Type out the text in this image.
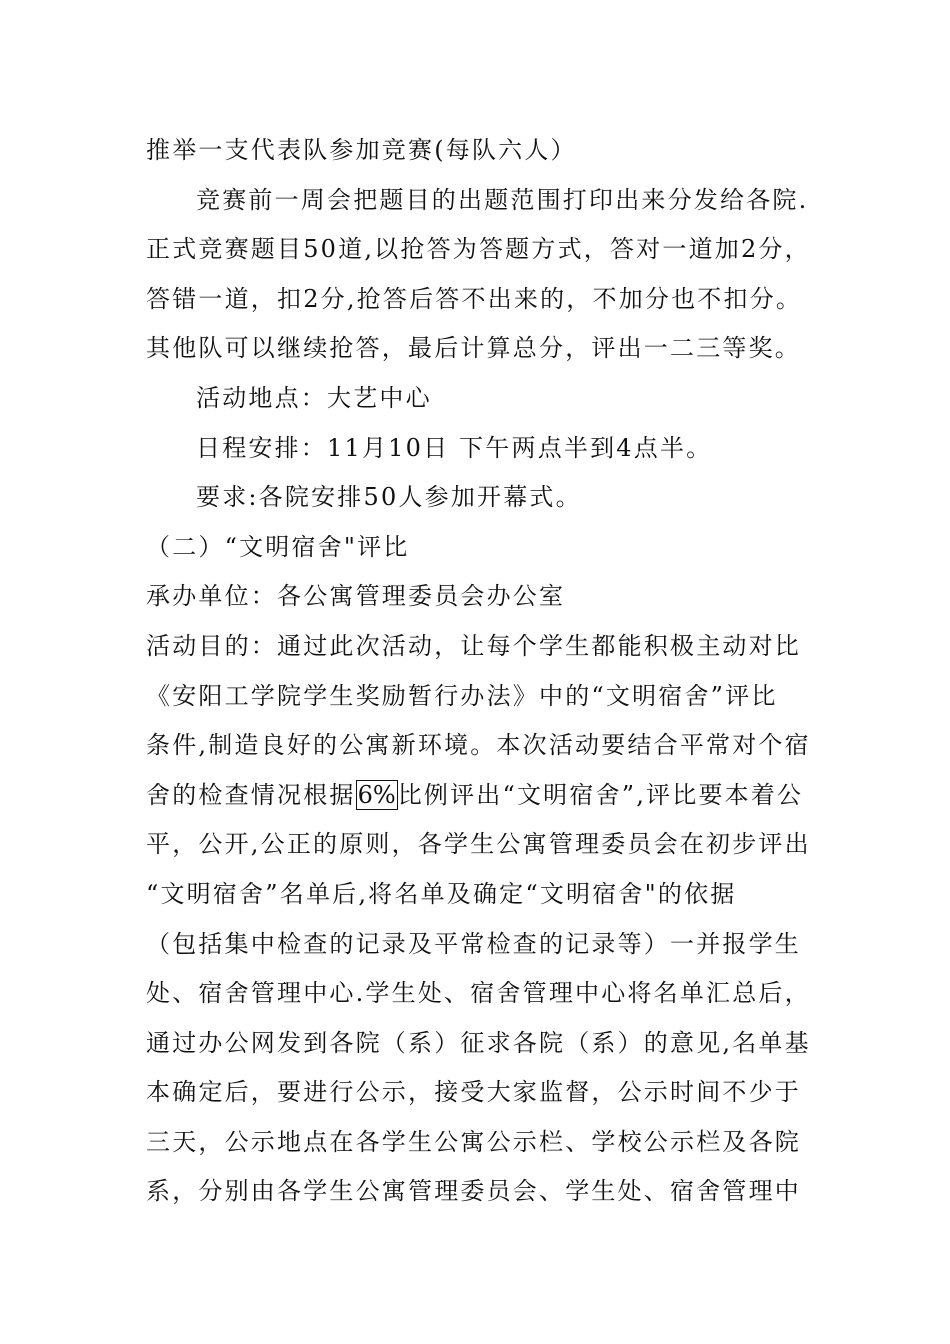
推举一支代表队参加竞赛(每队六人）
竞赛前一周会把题目的出题范围打印出来分发给各院.
正式竞赛题目50道,以抢答为答题方式，答对一道加2分，
答错一道，扣2分,抢答后答不出来的，不加分也不扣分。
其他队可以继续抢答，最后计算总分，评出一二三等奖。
活动地点：大艺中心
日程安排：11月10日 下午两点半到4点半。
要求:各院安排50人参加开幕式。
（二）“文明宿舍"评比
承办单位：各公寓管理委员会办公室
活动目的：通过此次活动，让每个学生都能积极主动对比
《安阳工学院学生奖励暂行办法》中的“文明宿舍”评比
条件,制造良好的公寓新环境。本次活动要结合平常对个宿
舍的检查情况根据6%比例评出“文明宿舍”,评比要本着公
平，公开,公正的原则，各学生公寓管理委员会在初步评出
“文明宿舍”名单后,将名单及确定“文明宿舍"的依据
（包括集中检查的记录及平常检查的记录等）一并报学生
处、宿舍管理中心.学生处、宿舍管理中心将名单汇总后，
通过办公网发到各院（系）征求各院（系）的意见,名单基
本确定后，要进行公示，接受大家监督，公示时间不少于
三天，公示地点在各学生公寓公示栏、学校公示栏及各院
系，分别由各学生公寓管理委员会、学生处、宿舍管理中
